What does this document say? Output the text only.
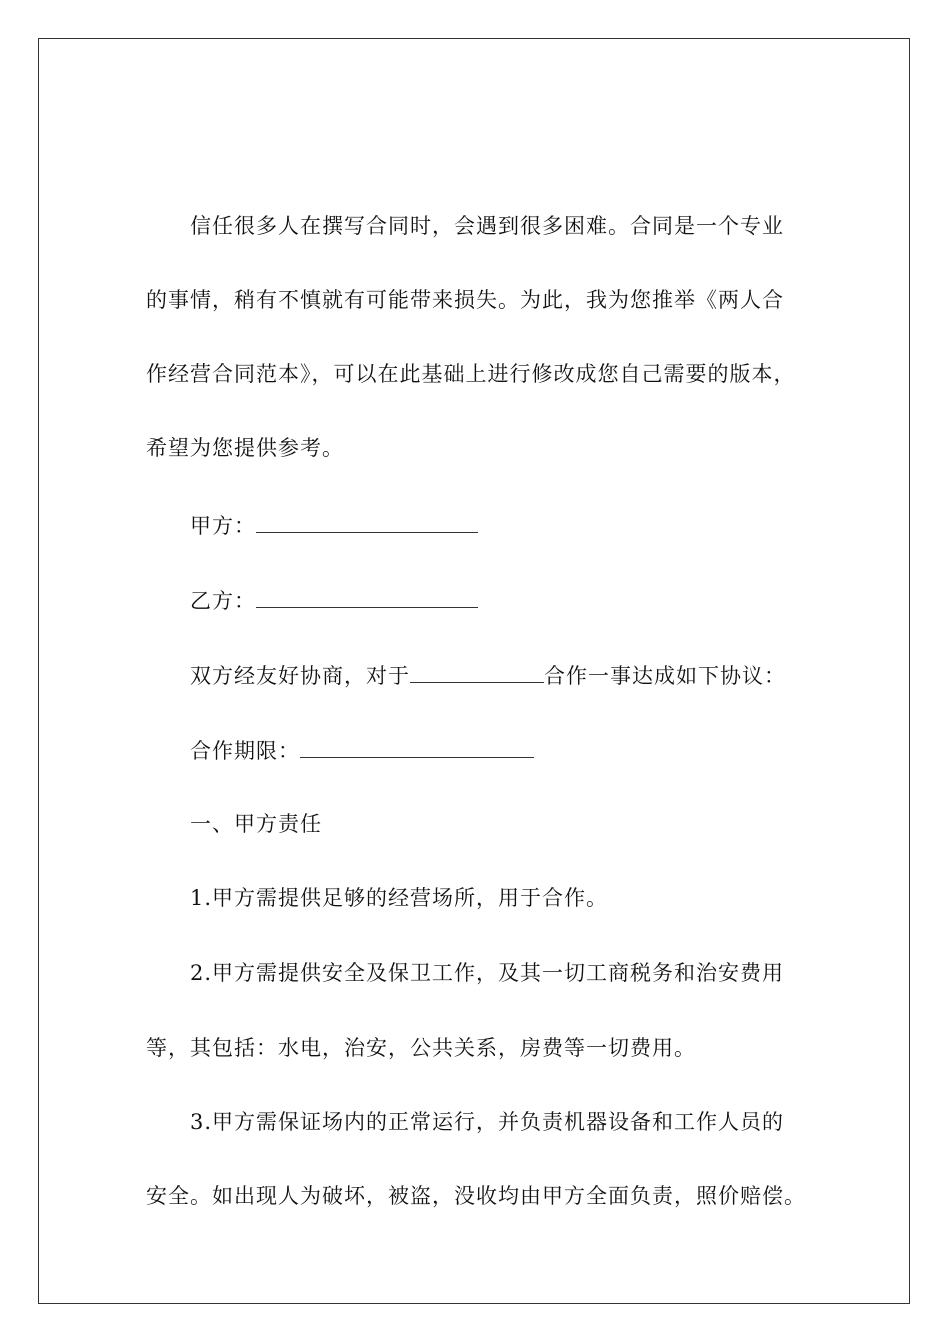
信任很多人在撰写合同时，会遇到很多困难。合同是一个专业
的事情，稍有不慎就有可能带来损失。为此，我为您推举《两人合
作经营合同范本》，可以在此基础上进行修改成您自己需要的版本，
希望为您提供参考。
甲方：
乙方：
双方经友好协商，对于	合作一事达成如下协议：
合作期限：
一、甲方责任
1.甲方需提供足够的经营场所，用于合作。
2.甲方需提供安全及保卫工作，及其一切工商税务和治安费用
等，其包括：水电，治安，公共关系，房费等一切费用。
3.甲方需保证场内的正常运行，并负责机器设备和工作人员的
安全。如出现人为破坏，被盗，没收均由甲方全面负责，照价赔偿。
